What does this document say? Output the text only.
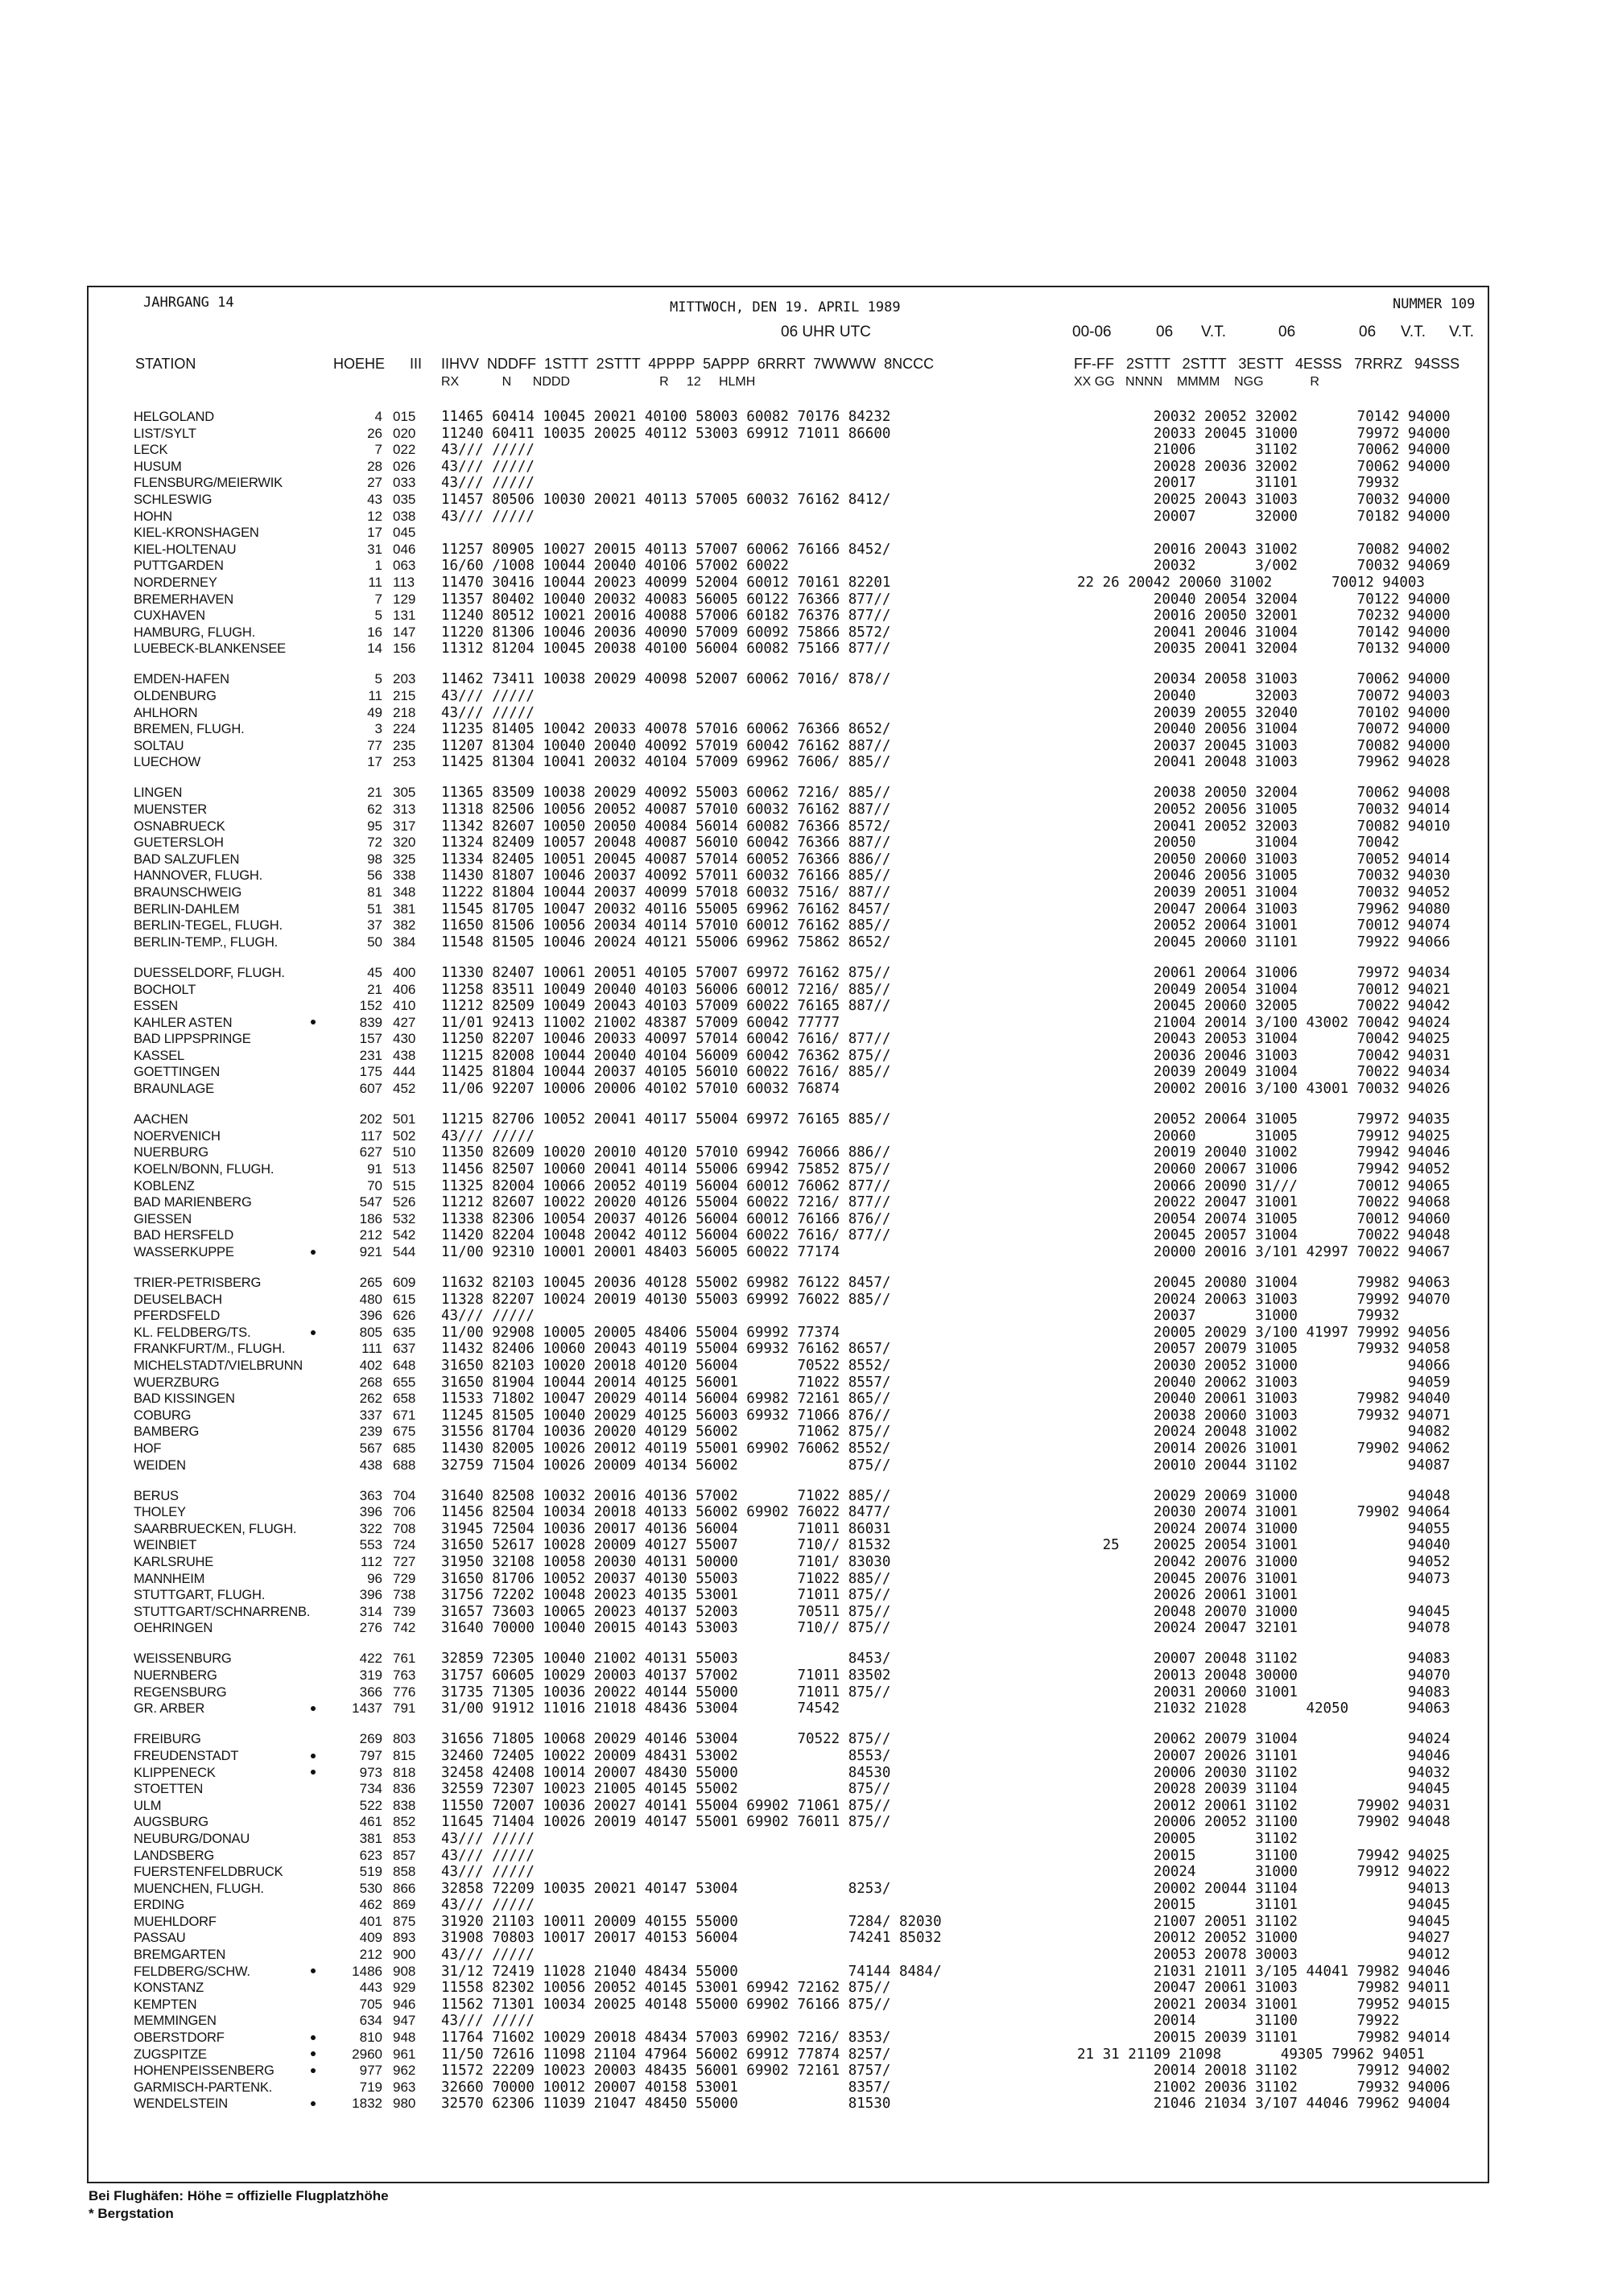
JAHRGANG 14	MITTWOCH, DEN 19. APRIL 1989	NUMMER 109
06 UHR UTC	00-06	06 V.T.	06	06 V.T. V.T.
STATION	HOEHE III IIHVV  NDDFF  1STTT  2STTT  4PPPP  5APPP  6RRRT  7WWWW  8NCCC
RX            N      NDDD                         R     12     HLMH
FF-FF   2STTT   2STTT   3ESTT   4ESSS   7RRRZ   94SSS
XX GG   NNNN    MMMM    NGG             R
HELGOLAND	4 015 11465 60414 10045 20021 40100 58003 60082 70176 84232	20032 20052 32002       70142 94000
LIST/SYLT	26 020 11240 60411 10035 20025 40112 53003 69912 71011 86600	20033 20045 31000       79972 94000
LECK	7 022 43/// /////	21006       31102       70062 94000
HUSUM	28 026 43/// /////	20028 20036 32002       70062 94000
FLENSBURG/MEIERWIK	27 033 43/// /////	20017       31101       79932
SCHLESWIG	43 035 11457 80506 10030 20021 40113 57005 60032 76162 8412/	20025 20043 31003       70032 94000
HOHN	12 038 43/// /////	20007       32000       70182 94000
KIEL-KRONSHAGEN	17 045
KIEL-HOLTENAU	31 046 11257 80905 10027 20015 40113 57007 60062 76166 8452/	20016 20043 31002       70082 94002
PUTTGARDEN	1 063 16/60 /1008 10044 20040 40106 57002 60022	20032       3/002       70032 94069
NORDERNEY	11 113 11470 30416 10044 20023 40099 52004 60012 70161 82201	22 26 20042 20060 31002       70012 94003
BREMERHAVEN	7 129 11357 80402 10040 20032 40083 56005 60122 76366 877//	20040 20054 32004       70122 94000
CUXHAVEN	5 131 11240 80512 10021 20016 40088 57006 60182 76376 877//	20016 20050 32001       70232 94000
HAMBURG, FLUGH.	16 147 11220 81306 10046 20036 40090 57009 60092 75866 8572/	20041 20046 31004       70142 94000
LUEBECK-BLANKENSEE	14 156 11312 81204 10045 20038 40100 56004 60082 75166 877//	20035 20041 32004       70132 94000
EMDEN-HAFEN	5 203 11462 73411 10038 20029 40098 52007 60062 7016/ 878//	20034 20058 31003       70062 94000
OLDENBURG	11 215 43/// /////	20040       32003       70072 94003
AHLHORN	49 218 43/// /////	20039 20055 32040       70102 94000
BREMEN, FLUGH.	3 224 11235 81405 10042 20033 40078 57016 60062 76366 8652/	20040 20056 31004       70072 94000
SOLTAU	77 235 11207 81304 10040 20040 40092 57019 60042 76162 887//	20037 20045 31003       70082 94000
LUECHOW	17 253 11425 81304 10041 20032 40104 57009 69962 7606/ 885//	20041 20048 31003       79962 94028
LINGEN	21 305 11365 83509 10038 20029 40092 55003 60062 7216/ 885//	20038 20050 32004       70062 94008
MUENSTER	62 313 11318 82506 10056 20052 40087 57010 60032 76162 887//	20052 20056 31005       70032 94014
OSNABRUECK	95 317 11342 82607 10050 20050 40084 56014 60082 76366 8572/	20041 20052 32003       70082 94010
GUETERSLOH	72 320 11324 82409 10057 20048 40087 56010 60042 76366 887//	20050       31004       70042
BAD SALZUFLEN	98 325 11334 82405 10051 20045 40087 57014 60052 76366 886//	20050 20060 31003       70052 94014
HANNOVER, FLUGH.	56 338 11430 81807 10046 20037 40092 57011 60032 76166 885//	20046 20056 31005       70032 94030
BRAUNSCHWEIG	81 348 11222 81804 10044 20037 40099 57018 60032 7516/ 887//	20039 20051 31004       70032 94052
BERLIN-DAHLEM	51 381 11545 81705 10047 20032 40116 55005 69962 76162 8457/	20047 20064 31003       79962 94080
BERLIN-TEGEL, FLUGH.	37 382 11650 81506 10056 20034 40114 57010 60012 76162 885//	20052 20064 31001       70012 94074
BERLIN-TEMP., FLUGH.	50 384 11548 81505 10046 20024 40121 55006 69962 75862 8652/	20045 20060 31101       79922 94066
DUESSELDORF, FLUGH.	45 400 11330 82407 10061 20051 40105 57007 69972 76162 875//	20061 20064 31006       79972 94034
BOCHOLT	21 406 11258 83511 10049 20040 40103 56006 60012 7216/ 885//	20049 20054 31004       70012 94021
ESSEN	152 410 11212 82509 10049 20043 40103 57009 60022 76165 887//	20045 20060 32005       70022 94042
KAHLER ASTEN	839 427 11/01 92413 11002 21002 48387 57009 60042 77777	21004 20014 3/100 43002 70042 94024
BAD LIPPSPRINGE	157 430 11250 82207 10046 20033 40097 57014 60042 7616/ 877//	20043 20053 31004       70042 94025
KASSEL	231 438 11215 82008 10044 20040 40104 56009 60042 76362 875//	20036 20046 31003       70042 94031
GOETTINGEN	175 444 11425 81804 10044 20037 40105 56010 60022 7616/ 885//	20039 20049 31004       70022 94034
BRAUNLAGE	607 452 11/06 92207 10006 20006 40102 57010 60032 76874	20002 20016 3/100 43001 70032 94026
AACHEN	202 501 11215 82706 10052 20041 40117 55004 69972 76165 885//	20052 20064 31005       79972 94035
NOERVENICH	117 502 43/// /////	20060       31005       79912 94025
NUERBURG	627 510 11350 82609 10020 20010 40120 57010 69942 76066 886//	20019 20040 31002       79942 94046
KOELN/BONN, FLUGH.	91 513 11456 82507 10060 20041 40114 55006 69942 75852 875//	20060 20067 31006       79942 94052
KOBLENZ	70 515 11325 82004 10066 20052 40119 56004 60012 76062 877//	20066 20090 31///       70012 94065
BAD MARIENBERG	547 526 11212 82607 10022 20020 40126 55004 60022 7216/ 877//	20022 20047 31001       70022 94068
GIESSEN	186 532 11338 82306 10054 20037 40126 56004 60012 76166 876//	20054 20074 31005       70012 94060
BAD HERSFELD	212 542 11420 82204 10048 20042 40112 56004 60022 7616/ 877//	20045 20057 31004       70022 94048
WASSERKUPPE	921 544 11/00 92310 10001 20001 48403 56005 60022 77174	20000 20016 3/101 42997 70022 94067
TRIER-PETRISBERG	265 609 11632 82103 10045 20036 40128 55002 69982 76122 8457/	20045 20080 31004       79982 94063
DEUSELBACH	480 615 11328 82207 10024 20019 40130 55003 69992 76022 885//	20024 20063 31003       79992 94070
PFERDSFELD	396 626 43/// /////	20037       31000       79932
KL. FELDBERG/TS.	805 635 11/00 92908 10005 20005 48406 55004 69992 77374	20005 20029 3/100 41997 79992 94056
FRANKFURT/M., FLUGH.	111 637 11432 82406 10060 20043 40119 55004 69932 76162 8657/	20057 20079 31005       79932 94058
MICHELSTADT/VIELBRUNN	402 648 31650 82103 10020 20018 40120 56004       70522 8552/	20030 20052 31000             94066
WUERZBURG	268 655 31650 81904 10044 20014 40125 56001       71022 8557/	20040 20062 31003             94059
BAD KISSINGEN	262 658 11533 71802 10047 20029 40114 56004 69982 72161 865//	20040 20061 31003       79982 94040
COBURG	337 671 11245 81505 10040 20029 40125 56003 69932 71066 876//	20038 20060 31003       79932 94071
BAMBERG	239 675 31556 81704 10036 20020 40129 56002       71062 875//	20024 20048 31002             94082
HOF	567 685 11430 82005 10026 20012 40119 55001 69902 76062 8552/	20014 20026 31001       79902 94062
WEIDEN	438 688 32759 71504 10026 20009 40134 56002             875//	20010 20044 31102             94087
BERUS	363 704 31640 82508 10032 20016 40136 57002       71022 885//	20029 20069 31000             94048
THOLEY	396 706 11456 82504 10034 20018 40133 56002 69902 76022 8477/	20030 20074 31001       79902 94064
SAARBRUECKEN, FLUGH.	322 708 31945 72504 10036 20017 40136 56004       71011 86031	20024 20074 31000             94055
WEINBIET	553 724 31650 52617 10028 20009 40127 55007       710// 81532	25    20025 20054 31001             94040
KARLSRUHE	112 727 31950 32108 10058 20030 40131 50000       7101/ 83030	20042 20076 31000             94052
MANNHEIM	96 729 31650 81706 10052 20037 40130 55003       71022 885//	20045 20076 31001             94073
STUTTGART, FLUGH.	396 738 31756 72202 10048 20023 40135 53001       71011 875//	20026 20061 31001
STUTTGART/SCHNARRENB.	314 739 31657 73603 10065 20023 40137 52003       70511 875//	20048 20070 31000             94045
OEHRINGEN	276 742 31640 70000 10040 20015 40143 53003       710// 875//	20024 20047 32101             94078
WEISSENBURG	422 761 32859 72305 10040 21002 40131 55003             8453/	20007 20048 31102             94083
NUERNBERG	319 763 31757 60605 10029 20003 40137 57002       71011 83502	20013 20048 30000             94070
REGENSBURG	366 776 31735 71305 10036 20022 40144 55000       71011 875//	20031 20060 31001             94083
GR. ARBER	1437 791 31/00 91912 11016 21018 48436 53004       74542	21032 21028       42050       94063
FREIBURG	269 803 31656 71805 10068 20029 40146 53004       70522 875//	20062 20079 31004             94024
FREUDENSTADT	797 815 32460 72405 10022 20009 48431 53002             8553/	20007 20026 31101             94046
KLIPPENECK	973 818 32458 42408 10014 20007 48430 55000             84530	20006 20030 31102             94032
STOETTEN	734 836 32559 72307 10023 21005 40145 55002             875//	20028 20039 31104             94045
ULM	522 838 11550 72007 10036 20027 40141 55004 69902 71061 875//	20012 20061 31102       79902 94031
AUGSBURG	461 852 11645 71404 10026 20019 40147 55001 69902 76011 875//	20006 20052 31100       79902 94048
NEUBURG/DONAU	381 853 43/// /////	20005       31102
LANDSBERG	623 857 43/// /////	20015       31100       79942 94025
FUERSTENFELDBRUCK	519 858 43/// /////	20024       31000       79912 94022
MUENCHEN, FLUGH.	530 866 32858 72209 10035 20021 40147 53004             8253/	20002 20044 31104             94013
ERDING	462 869 43/// /////	20015       31101             94045
MUEHLDORF	401 875 31920 21103 10011 20009 40155 55000             7284/ 82030	21007 20051 31102             94045
PASSAU	409 893 31908 70803 10017 20017 40153 56004             74241 85032	20012 20052 31000             94027
BREMGARTEN	212 900 43/// /////	20053 20078 30003             94012
FELDBERG/SCHW.	1486 908 31/12 72419 11028 21040 48434 55000             74144 8484/	21031 21011 3/105 44041 79982 94046
KONSTANZ	443 929 11558 82302 10056 20052 40145 53001 69942 72162 875//	20047 20061 31003       79982 94011
KEMPTEN	705 946 11562 71301 10034 20025 40148 55000 69902 76166 875//	20021 20034 31001       79952 94015
MEMMINGEN	634 947 43/// /////	20014       31100       79922
OBERSTDORF	810 948 11764 71602 10029 20018 48434 57003 69902 7216/ 8353/	20015 20039 31101       79982 94014
ZUGSPITZE	2960 961 11/50 72616 11098 21104 47964 56002 69912 77874 8257/	21 31 21109 21098       49305 79962 94051
HOHENPEISSENBERG	977 962 11572 22209 10023 20003 48435 56001 69902 72161 8757/	20014 20018 31102       79912 94002
GARMISCH-PARTENK.	719 963 32660 70000 10012 20007 40158 53001             8357/	21002 20036 31102       79932 94006
WENDELSTEIN	1832 980 32570 62306 11039 21047 48450 55000             81530	21046 21034 3/107 44046 79962 94004
Bei Flughäfen: Höhe = offizielle Flugplatzhöhe
* Bergstation
